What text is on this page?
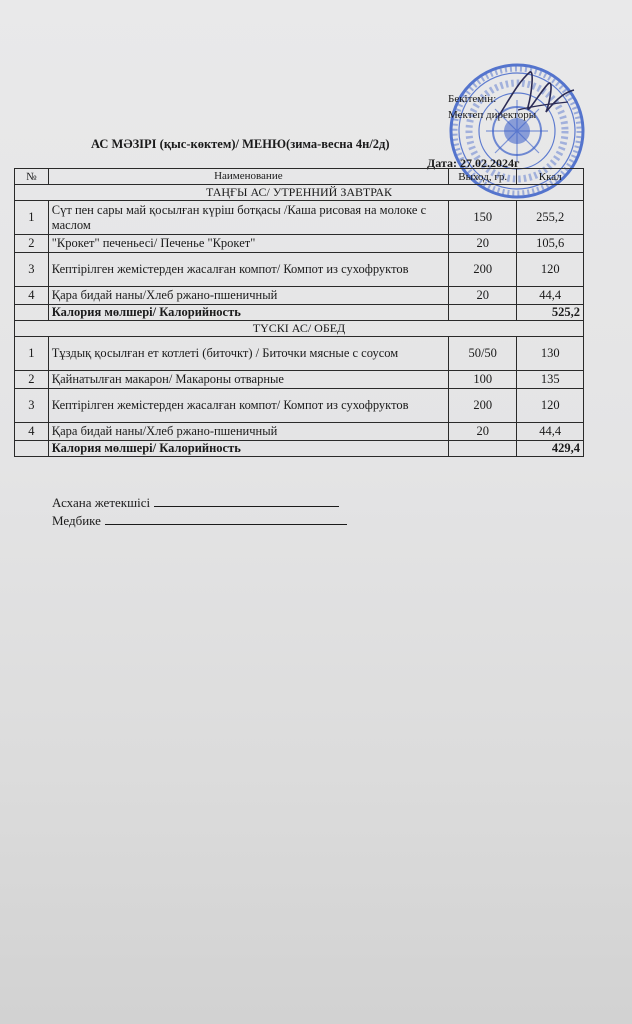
Бекітемін:
Мектеп директоры
АС МӘЗІРІ (қыс-көктем)/ МЕНЮ(зима-весна 4н/2д)
Дата: 27.02.2024г
№	Наименование	Выход, гр.	Ккал
ТАҢҒЫ АС/ УТРЕННИЙ ЗАВТРАК			
1	Сүт пен сары май қосылған күріш ботқасы /Каша рисовая на молоке с маслом	150	255,2
2	"Крокет" печеньесі/ Печенье "Крокет"	20	105,6
3	Кептірілген жемістерден жасалған компот/ Компот из сухофруктов	200	120
4	Қара бидай наны/Хлеб ржано-пшеничный	20	44,4
	Калория мөлшері/ Калорийность		525,2
ТҮСКІ АС/ ОБЕД			
1	Тұздық қосылған ет котлеті (биточкт) / Биточки мясные с соусом	50/50	130
2	Қайнатылған макарон/ Макароны отварные	100	135
3	Кептірілген жемістерден жасалған компот/ Компот из сухофруктов	200	120
4	Қара бидай наны/Хлеб ржано-пшеничный	20	44,4
	Калория мөлшері/ Калорийность		429,4
Асхана жетекшісі
Медбике
